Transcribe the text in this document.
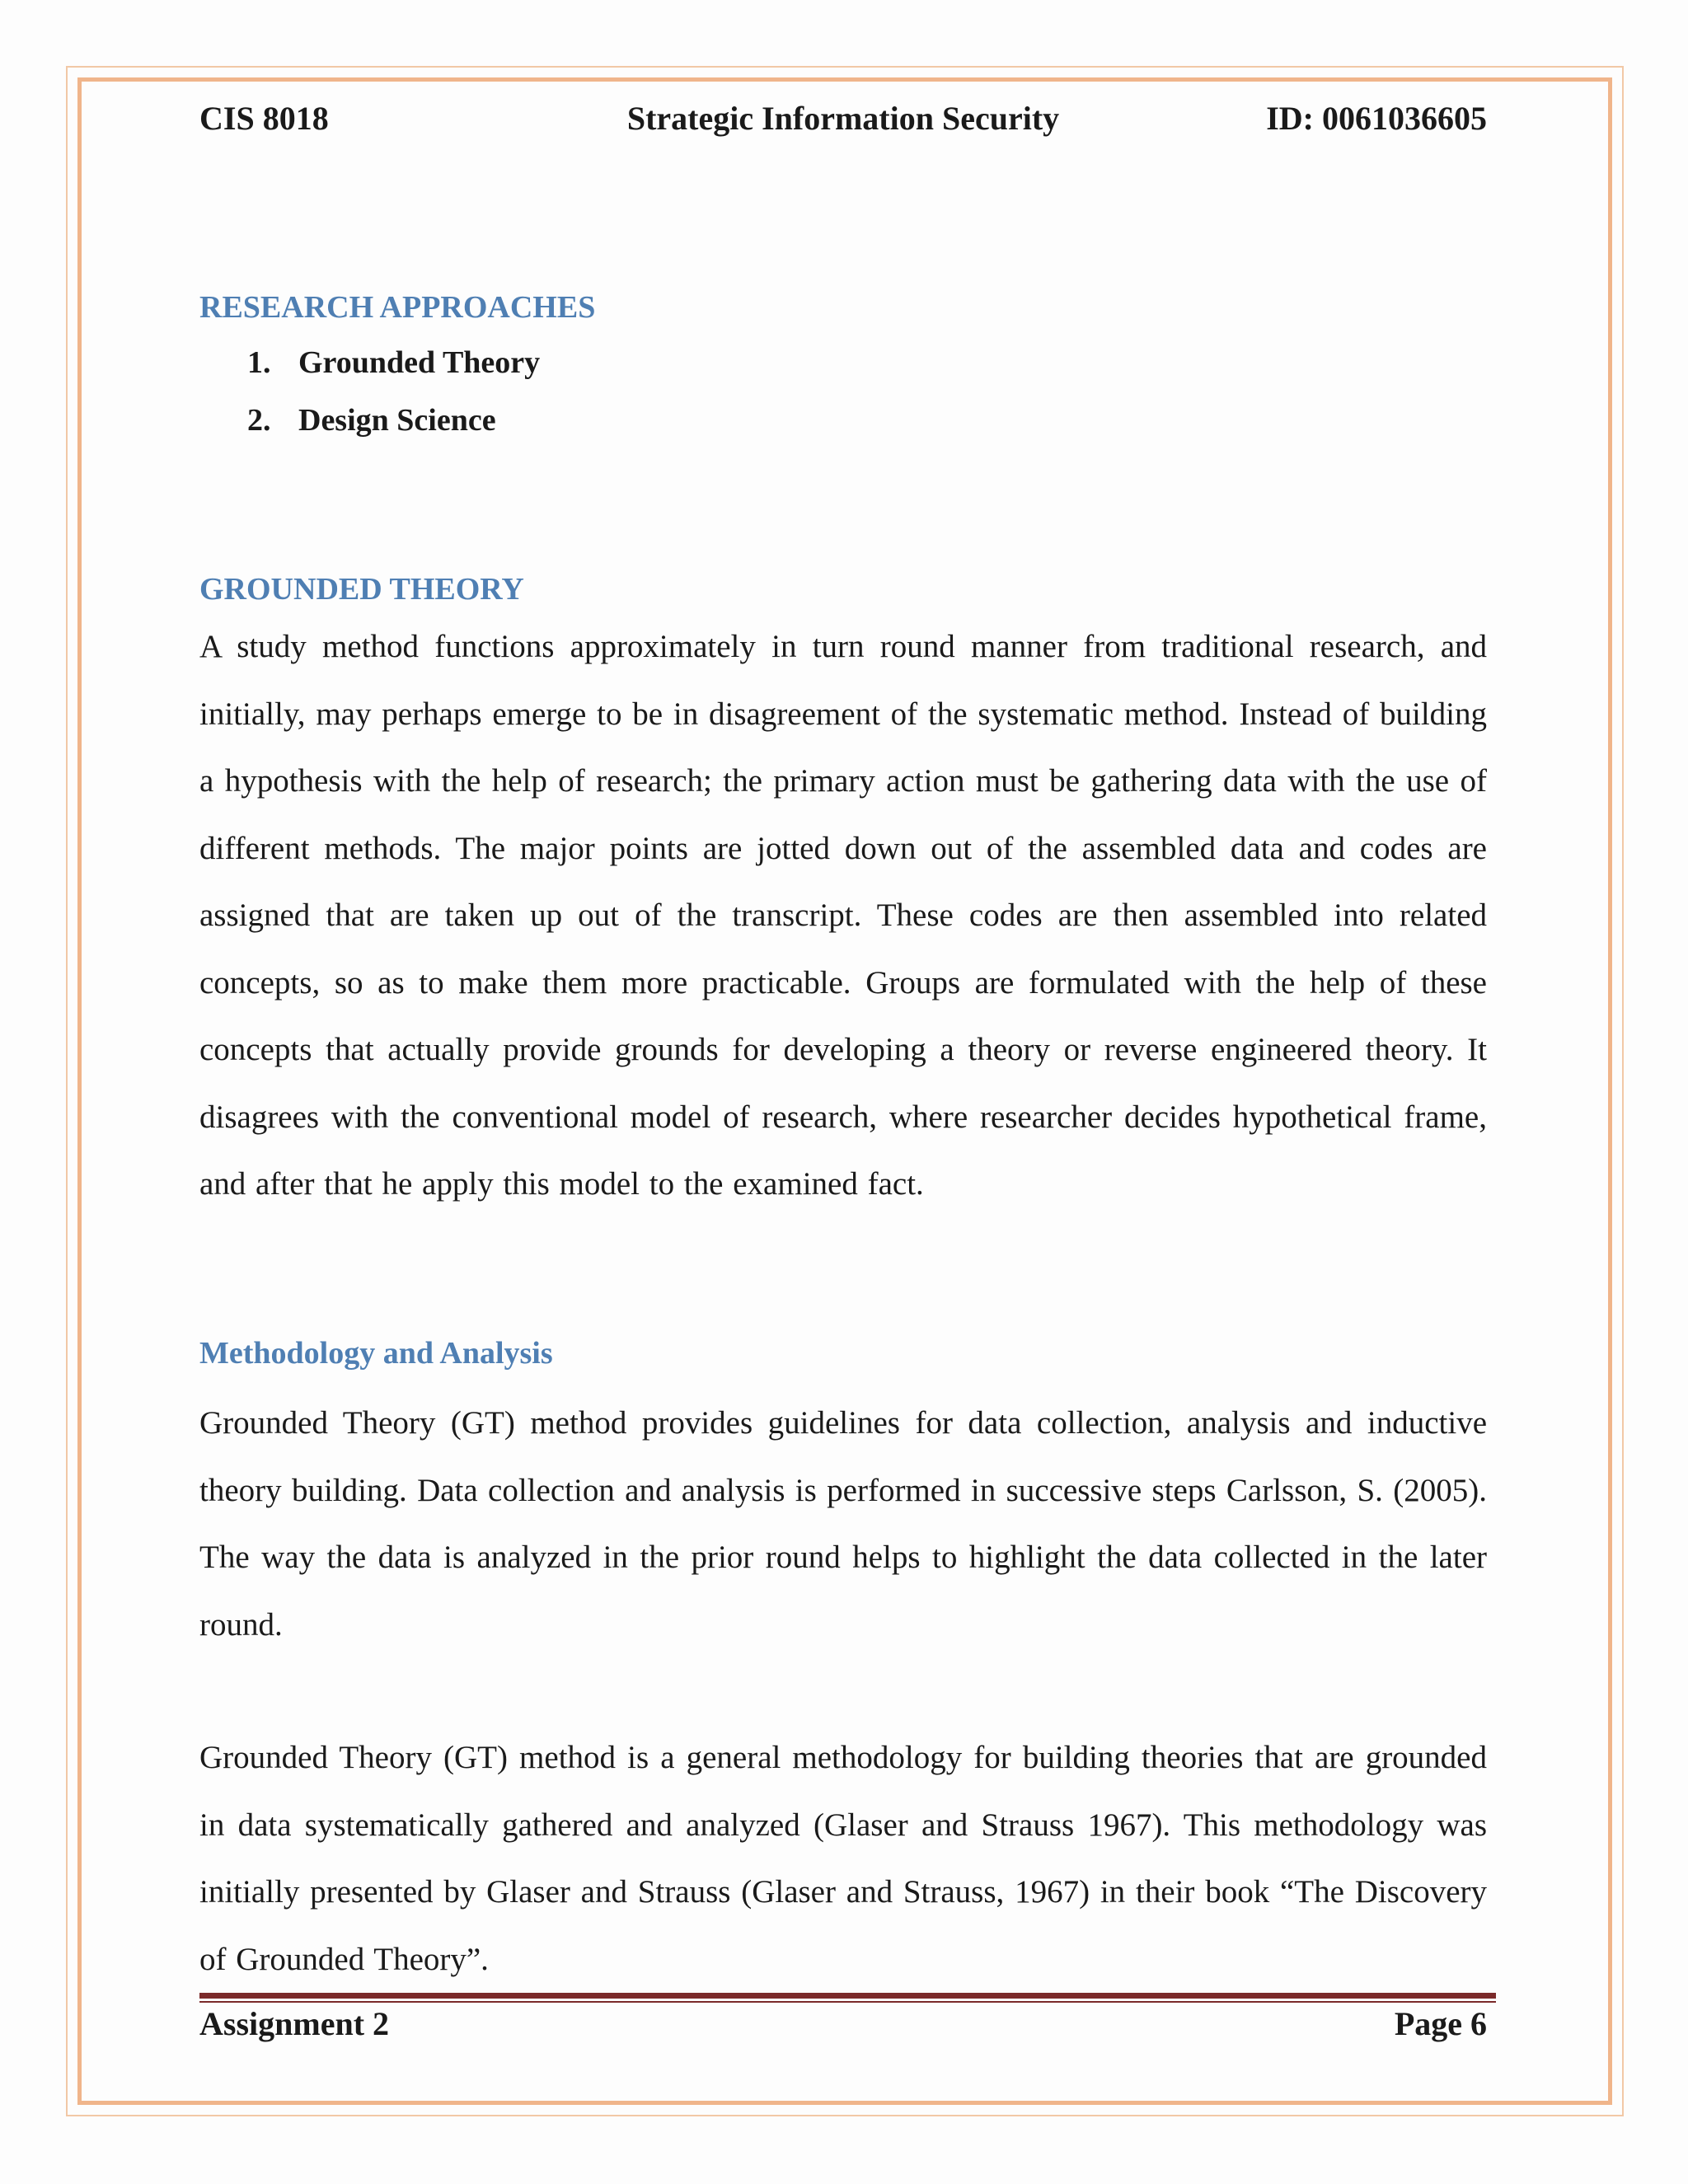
Strategic Information Security
CIS 8018	ID: 0061036605
RESEARCH APPROACHES
1. Grounded Theory
2. Design Science
GROUNDED THEORY

A study method functions approximately in turn round manner from traditional research, and initially, may perhaps emerge to be in disagreement of the systematic method. Instead of building a hypothesis with the help of research; the primary action must be gathering data with the use of different methods. The major points are jotted down out of the assembled data and codes are assigned that are taken up out of the transcript. These codes are then assembled into related concepts, so as to make them more practicable. Groups are formulated with the help of these concepts that actually provide grounds for developing a theory or reverse engineered theory. It disagrees with the conventional model of research, where researcher decides hypothetical frame, and after that he apply this model to the examined fact.

Methodology and Analysis

Grounded Theory (GT) method provides guidelines for data collection, analysis and inductive theory building. Data collection and analysis is performed in successive steps Carlsson, S. (2005). The way the data is analyzed in the prior round helps to highlight the data collected in the later round.

Grounded Theory (GT) method is a general methodology for building theories that are grounded in data systematically gathered and analyzed (Glaser and Strauss 1967). This methodology was initially presented by Glaser and Strauss (Glaser and Strauss, 1967) in their book “The Discovery of Grounded Theory”.

Assignment 2	Page 6
